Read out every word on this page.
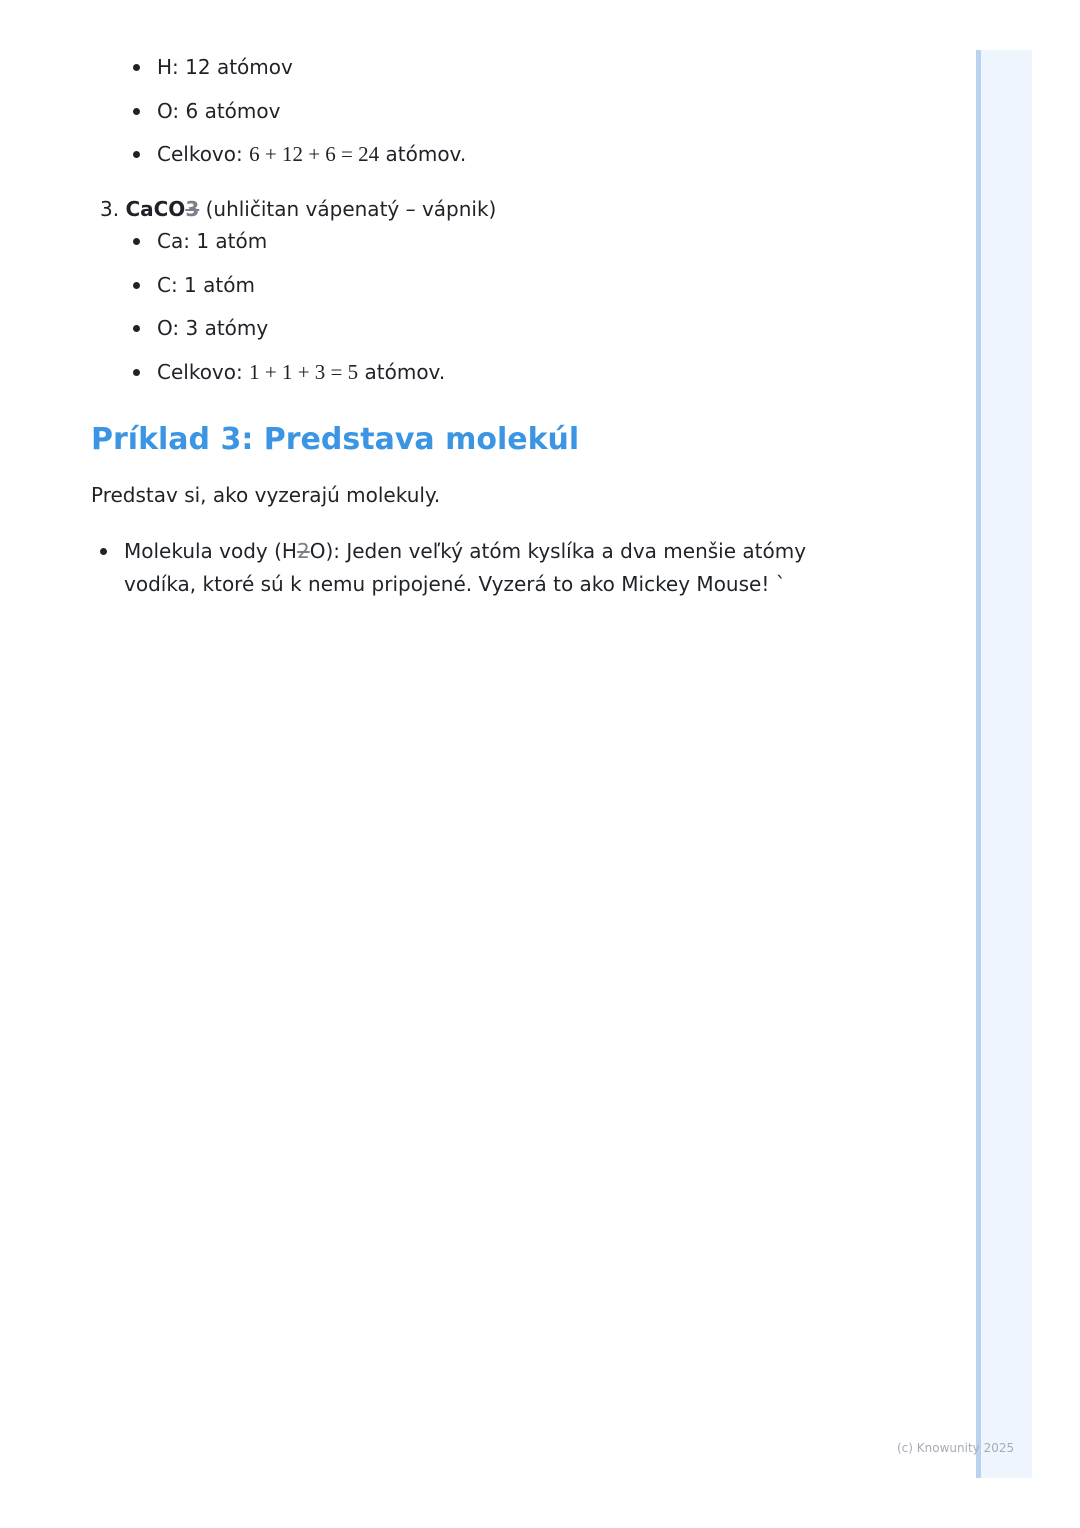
H: 12 atómov
O: 6 atómov
Celkovo: 6 + 12 + 6 = 24 atómov.
3. CaCO3 (uhličitan vápenatý – vápnik)
Ca: 1 atóm
C: 1 atóm
O: 3 atómy
Celkovo: 1 + 1 + 3 = 5 atómov.
Príklad 3: Predstava molekúl
Predstav si, ako vyzerajú molekuly.
Molekula vody (H2O): Jeden veľký atóm kyslíka a dva menšie atómy
vodíka, ktoré sú k nemu pripojené. Vyzerá to ako Mickey Mouse! `
(c) Knowunity 2025
